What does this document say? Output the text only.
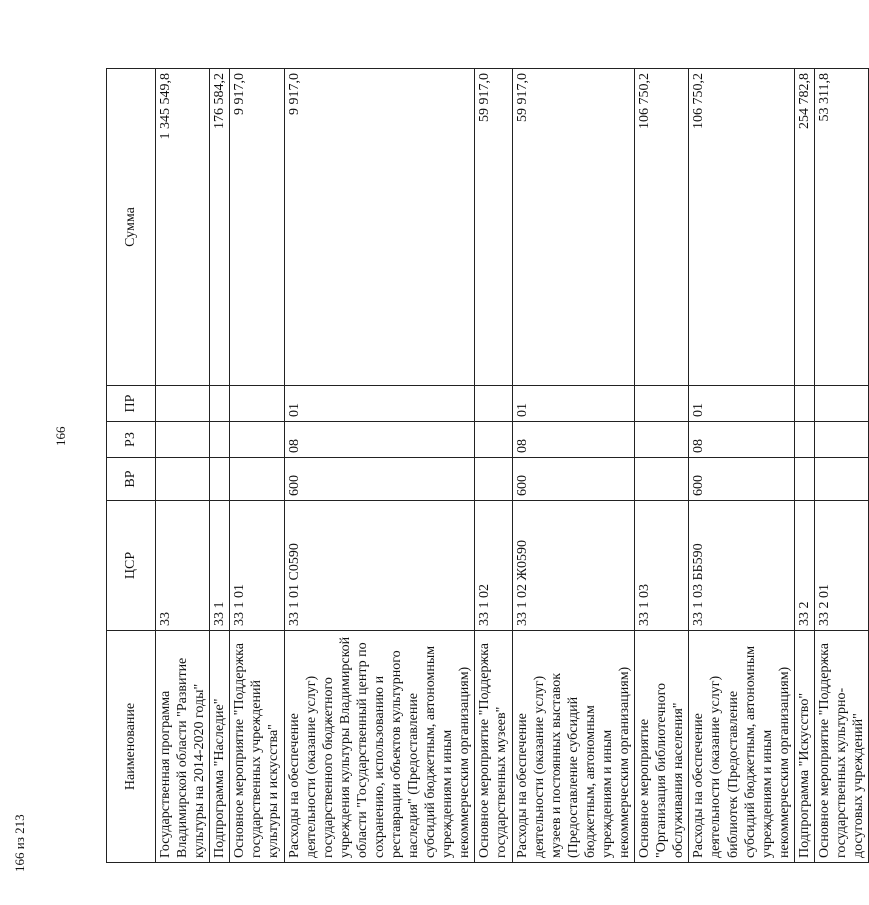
166
166 из 213
Наименование	ЦСР	ВР	РЗ	ПР	Сумма
Государственная программа Владимирской области "Развитие культуры на 2014-2020 годы"	33				1 345 549,8
Подпрограмма "Наследие"	33 1				176 584,2
Основное мероприятие "Поддержка государственных учреждений культуры и искусства"	33 1 01				9 917,0
Расходы на обеспечение деятельности (оказание услуг) государственного бюджетного учреждения культуры Владимирской области "Государственный центр по сохранению, использованию и реставрации объектов культурного наследия" (Предоставление субсидий бюджетным, автономным учреждениям и иным некоммерческим организациям)	33 1 01 С0590	600	08	01	9 917,0
Основное мероприятие "Поддержка государственных музеев"	33 1 02				59 917,0
Расходы на обеспечение деятельности (оказание услуг) музеев и постоянных выставок (Предоставление субсидий бюджетным, автономным учреждениям и иным некоммерческим организациям)	33 1 02 Ж0590	600	08	01	59 917,0
Основное мероприятие "Организация библиотечного обслуживания населения"	33 1 03				106 750,2
Расходы на обеспечение деятельности (оказание услуг) библиотек (Предоставление субсидий бюджетным, автономным учреждениям и иным некоммерческим организациям)	33 1 03 ББ590	600	08	01	106 750,2
Подпрограмма "Искусство"	33 2				254 782,8
Основное мероприятие "Поддержка государственных культурно-досуговых учреждений"	33 2 01				53 311,8
